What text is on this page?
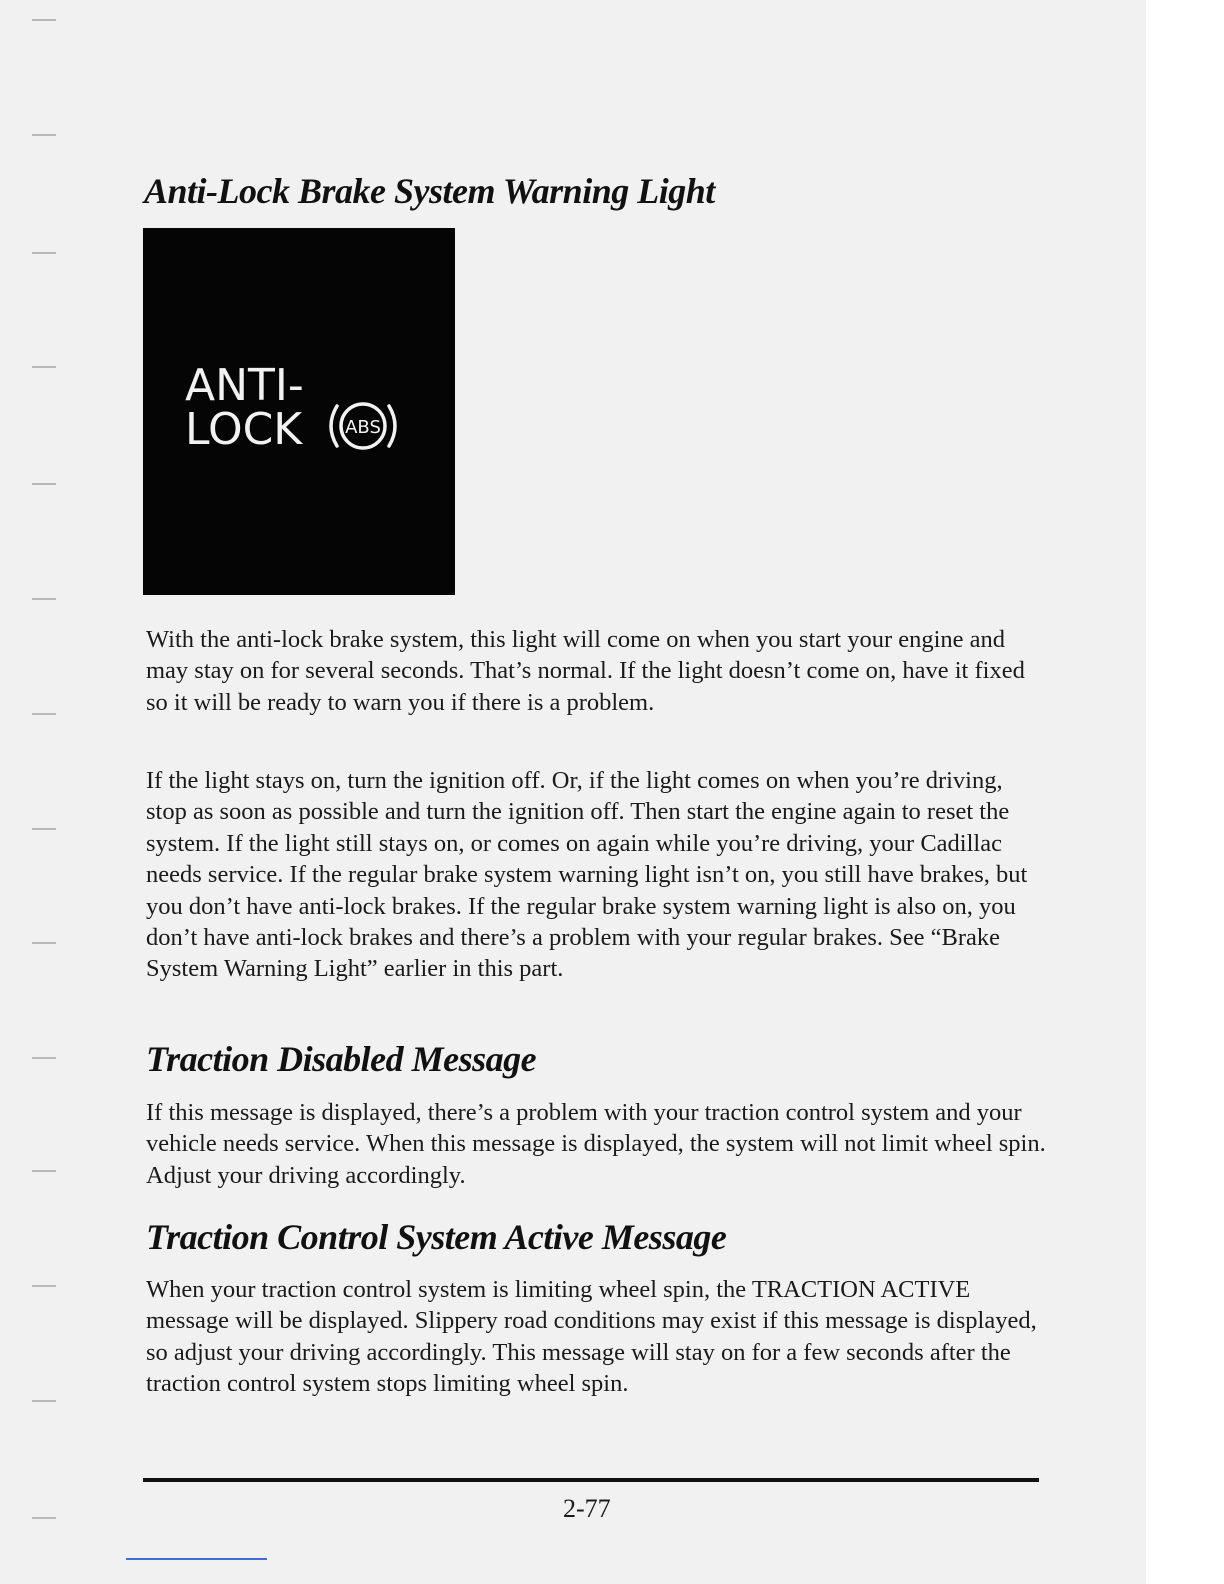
Anti-Lock Brake System Warning Light
ANTI-
LOCK ABS

With the anti-lock brake system, this light will come on when you start your engine and may stay on for several seconds. That’s normal. If the light doesn’t come on, have it fixed so it will be ready to warn you if there is a problem.

If the light stays on, turn the ignition off. Or, if the light comes on when you’re driving, stop as soon as possible and turn the ignition off. Then start the engine again to reset the system. If the light still stays on, or comes on again while you’re driving, your Cadillac needs service. If the regular brake system warning light isn’t on, you still have brakes, but you don’t have anti-lock brakes. If the regular brake system warning light is also on, you don’t have anti-lock brakes and there’s a problem with your regular brakes. See “Brake System Warning Light” earlier in this part.

Traction Disabled Message

If this message is displayed, there’s a problem with your traction control system and your vehicle needs service. When this message is displayed, the system will not limit wheel spin. Adjust your driving accordingly.

Traction Control System Active Message

When your traction control system is limiting wheel spin, the TRACTION ACTIVE message will be displayed. Slippery road conditions may exist if this message is displayed, so adjust your driving accordingly. This message will stay on for a few seconds after the traction control system stops limiting wheel spin.

2-77
